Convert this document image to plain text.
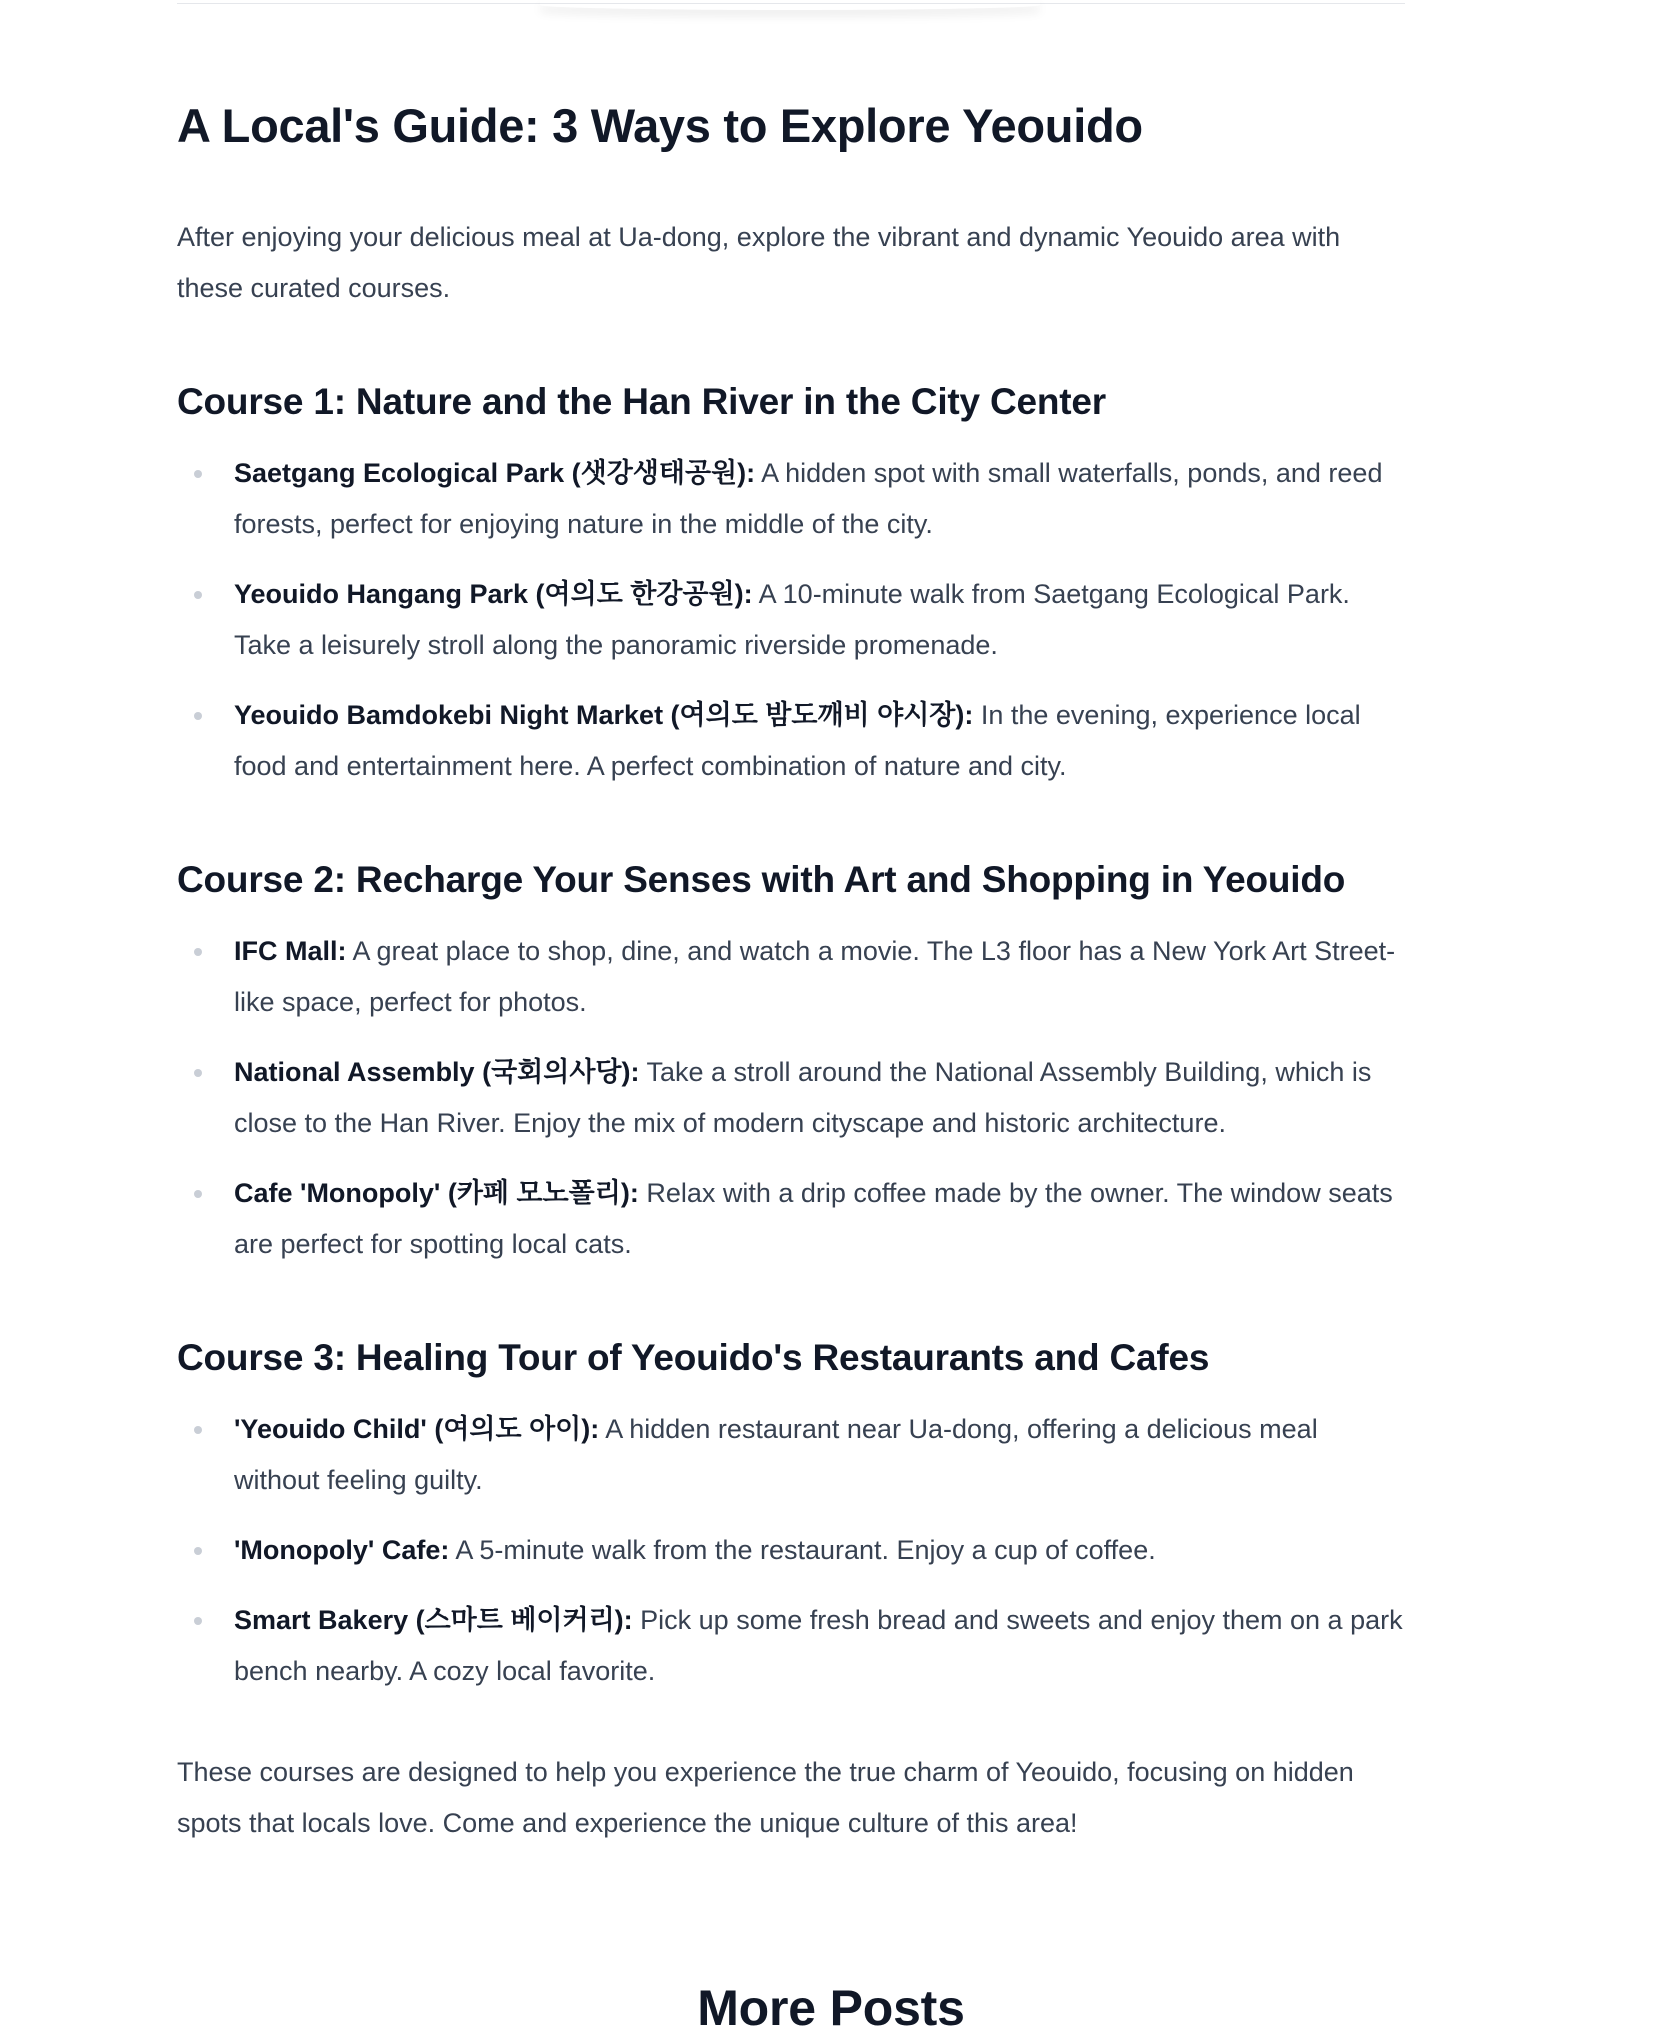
A Local's Guide: 3 Ways to Explore Yeouido

After enjoying your delicious meal at Ua-dong, explore the vibrant and dynamic Yeouido area with these curated courses.

Course 1: Nature and the Han River in the City Center
Saetgang Ecological Park (샛강생태공원): A hidden spot with small waterfalls, ponds, and reed forests, perfect for enjoying nature in the middle of the city.
Yeouido Hangang Park (여의도 한강공원): A 10-minute walk from Saetgang Ecological Park. Take a leisurely stroll along the panoramic riverside promenade.
Yeouido Bamdokebi Night Market (여의도 밤도깨비 야시장): In the evening, experience local food and entertainment here. A perfect combination of nature and city.
Course 2: Recharge Your Senses with Art and Shopping in Yeouido
IFC Mall: A great place to shop, dine, and watch a movie. The L3 floor has a New York Art Street-like space, perfect for photos.
National Assembly (국회의사당): Take a stroll around the National Assembly Building, which is close to the Han River. Enjoy the mix of modern cityscape and historic architecture.
Cafe 'Monopoly' (카페 모노폴리): Relax with a drip coffee made by the owner. The window seats are perfect for spotting local cats.
Course 3: Healing Tour of Yeouido's Restaurants and Cafes
'Yeouido Child' (여의도 아이): A hidden restaurant near Ua-dong, offering a delicious meal without feeling guilty.
'Monopoly' Cafe: A 5-minute walk from the restaurant. Enjoy a cup of coffee.
Smart Bakery (스마트 베이커리): Pick up some fresh bread and sweets and enjoy them on a park bench nearby. A cozy local favorite.

These courses are designed to help you experience the true charm of Yeouido, focusing on hidden spots that locals love. Come and experience the unique culture of this area!

More Posts
